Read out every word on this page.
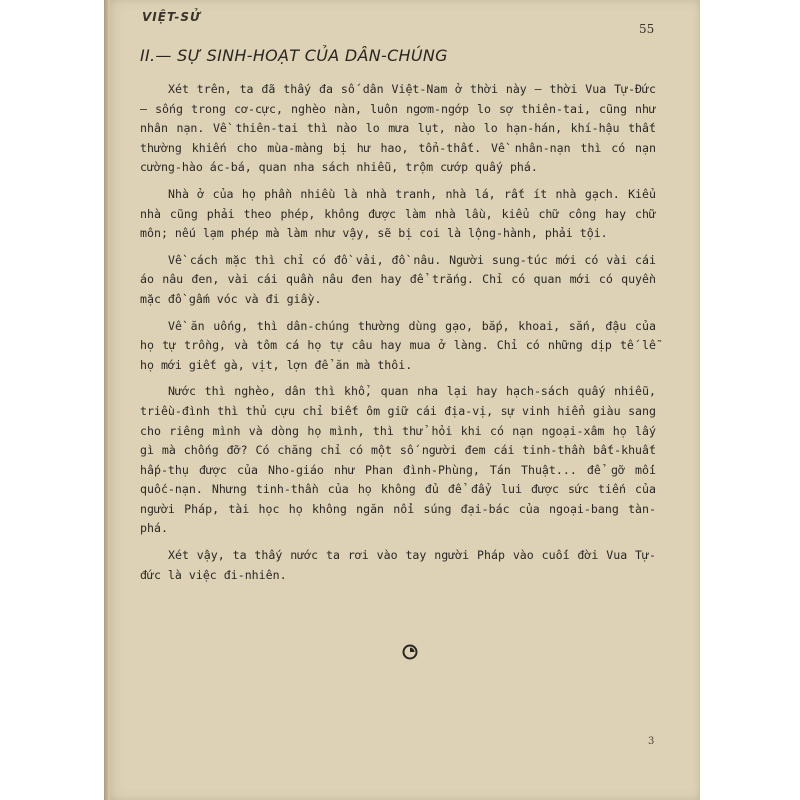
VIỆT-SỬ
55
II.— SỰ SINH-HOẠT CỦA DÂN-CHÚNG

Xét trên, ta đã thấy đa số dân Việt-Nam ở thời này — thời Vua Tự-Đức — sống trong cơ-cực, nghèo nàn, luôn ngơm-ngớp lo sợ thiên-tai, cũng như nhân nạn. Về thiên-tai thì nào lo mưa lụt, nào lo hạn-hán, khí-hậu thất thường khiến cho mùa-màng bị hư hao, tổn-thất. Về nhân-nạn thì có nạn cường-hào ác-bá, quan nha sách nhiễu, trộm cướp quấy phá.

Nhà ở của họ phần nhiều là nhà tranh, nhà lá, rất ít nhà gạch. Kiểu nhà cũng phải theo phép, không được làm nhà lầu, kiểu chữ công hay chữ môn; nếu lạm phép mà làm như vậy, sẽ bị coi là lộng-hành, phải tội.

Về cách mặc thì chỉ có đồ vải, đồ nâu. Người sung-túc mới có vài cái áo nâu đen, vài cái quần nâu đen hay để trắng. Chỉ có quan mới có quyền mặc đồ gấm vóc và đi giầy.

Về ăn uống, thì dân-chúng thường dùng gạo, bắp, khoai, sắn, đậu của họ tự trồng, và tôm cá họ tự câu hay mua ở làng. Chỉ có những dịp tế lễ họ mới giết gà, vịt, lợn để ăn mà thôi.

Nước thì nghèo, dân thì khổ, quan nha lại hay hạch-sách quấy nhiễu, triều-đình thì thủ cựu chỉ biết ôm giữ cái địa-vị, sự vinh hiển giàu sang cho riêng mình và dòng họ mình, thì thử hỏi khi có nạn ngoại-xâm họ lấy gì mà chống đỡ? Có chăng chỉ có một số người đem cái tinh-thần bất-khuất hấp-thụ được của Nho-giáo như Phan đình-Phùng, Tán Thuật... để gỡ mối quốc-nạn. Nhưng tinh-thần của họ không đủ để đẩy lui được sức tiến của người Pháp, tài học họ không ngăn nổi súng đại-bác của ngoại-bang tàn-phá.

Xét vậy, ta thấy nước ta rơi vào tay người Pháp vào cuối đời Vua Tự-đức là việc đi-nhiên.

3
